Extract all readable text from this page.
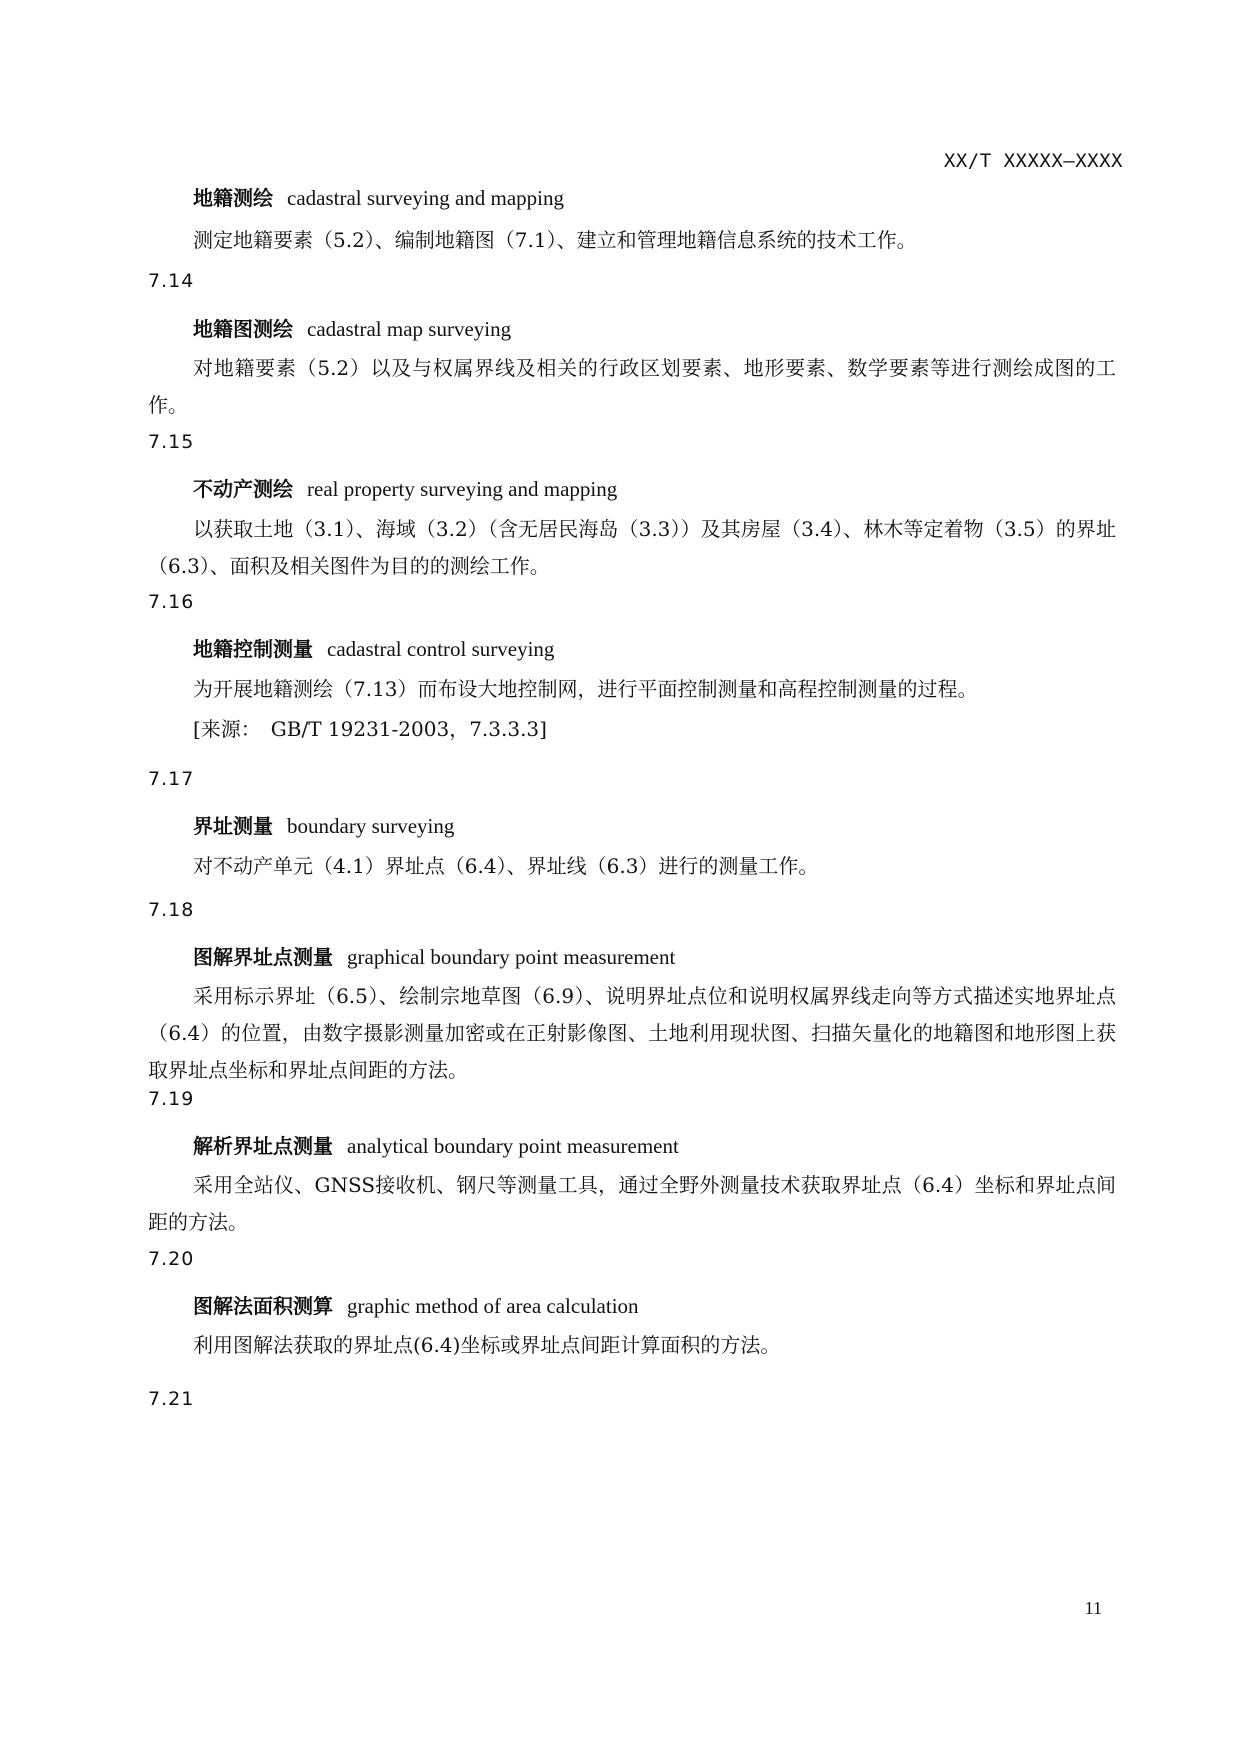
XX/T XXXXX—XXXX
地籍测绘 cadastral surveying and mapping
测定地籍要素（5.2）、编制地籍图（7.1）、建立和管理地籍信息系统的技术工作。
7.14
地籍图测绘 cadastral map surveying
对地籍要素（5.2）以及与权属界线及相关的行政区划要素、地形要素、数学要素等进行测绘成图的工作。
7.15
不动产测绘 real property surveying and mapping
以获取土地（3.1）、海域（3.2）（含无居民海岛（3.3））及其房屋（3.4）、林木等定着物（3.5）的界址（6.3）、面积及相关图件为目的的测绘工作。
7.16
地籍控制测量 cadastral control surveying
为开展地籍测绘（7.13）而布设大地控制网，进行平面控制测量和高程控制测量的过程。
[来源：　GB/T 19231-2003，7.3.3.3]
7.17
界址测量 boundary surveying
对不动产单元（4.1）界址点（6.4）、界址线（6.3）进行的测量工作。
7.18
图解界址点测量 graphical boundary point measurement
采用标示界址（6.5）、绘制宗地草图（6.9）、说明界址点位和说明权属界线走向等方式描述实地界址点（6.4）的位置，由数字摄影测量加密或在正射影像图、土地利用现状图、扫描矢量化的地籍图和地形图上获取界址点坐标和界址点间距的方法。
7.19
解析界址点测量 analytical boundary point measurement
采用全站仪、GNSS接收机、钢尺等测量工具，通过全野外测量技术获取界址点（6.4）坐标和界址点间距的方法。
7.20
图解法面积测算 graphic method of area calculation
利用图解法获取的界址点(6.4)坐标或界址点间距计算面积的方法。
7.21
11
